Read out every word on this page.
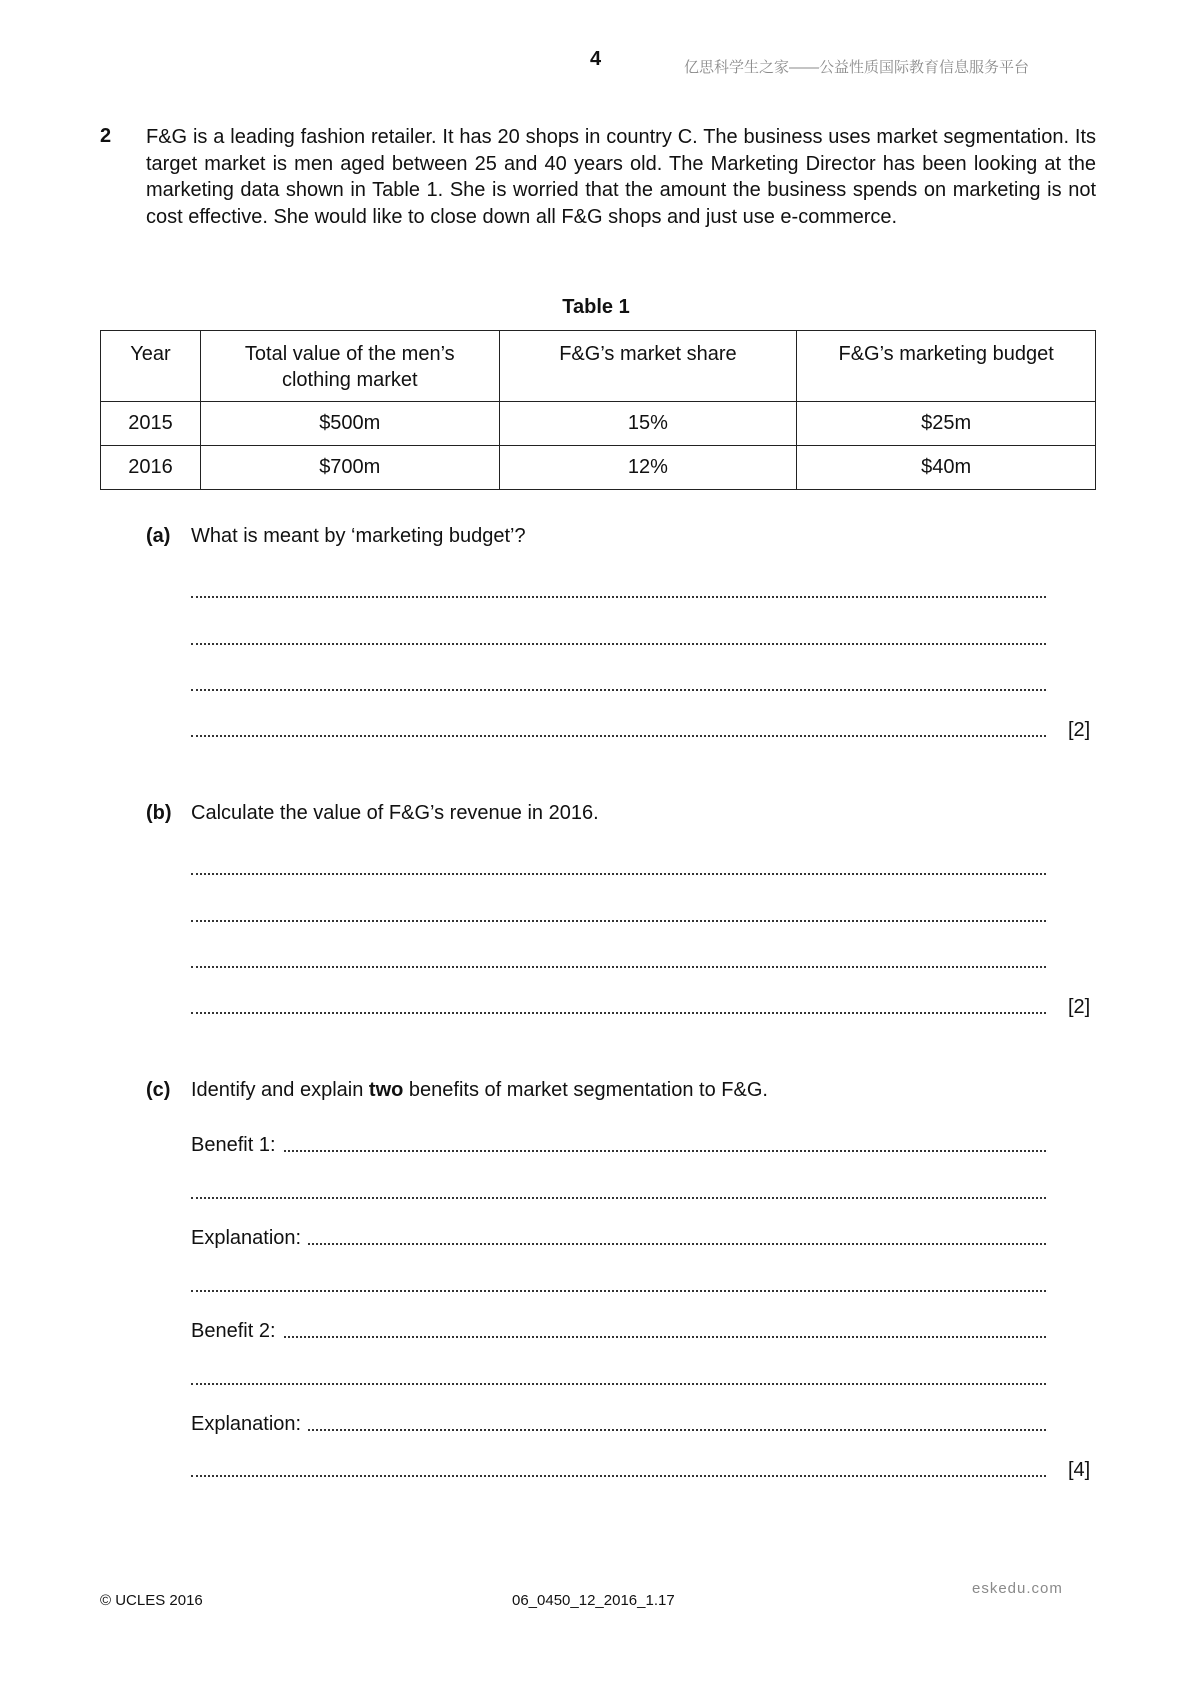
4	亿思科学生之家——公益性质国际教育信息服务平台
2 F&G is a leading fashion retailer. It has 20 shops in country C. The business uses market segmentation. Its target market is men aged between 25 and 40 years old. The Marketing Director has been looking at the marketing data shown in Table 1. She is worried that the amount the business spends on marketing is not cost effective. She would like to close down all F&G shops and just use e-commerce.

Table 1
Year	Total value of the men’s clothing market	F&G’s market share	F&G’s marketing budget
2015	$500m	15%	$25m
2016	$700m	12%	$40m
(a) What is meant by ‘marketing budget’?
[2]
(b) Calculate the value of F&G’s revenue in 2016.
[2]
(c) Identify and explain two benefits of market segmentation to F&G.
Benefit 1:
Explanation:
Benefit 2:
Explanation:
[4]
© UCLES 2016	06_0450_12_2016_1.17
eskedu.com
